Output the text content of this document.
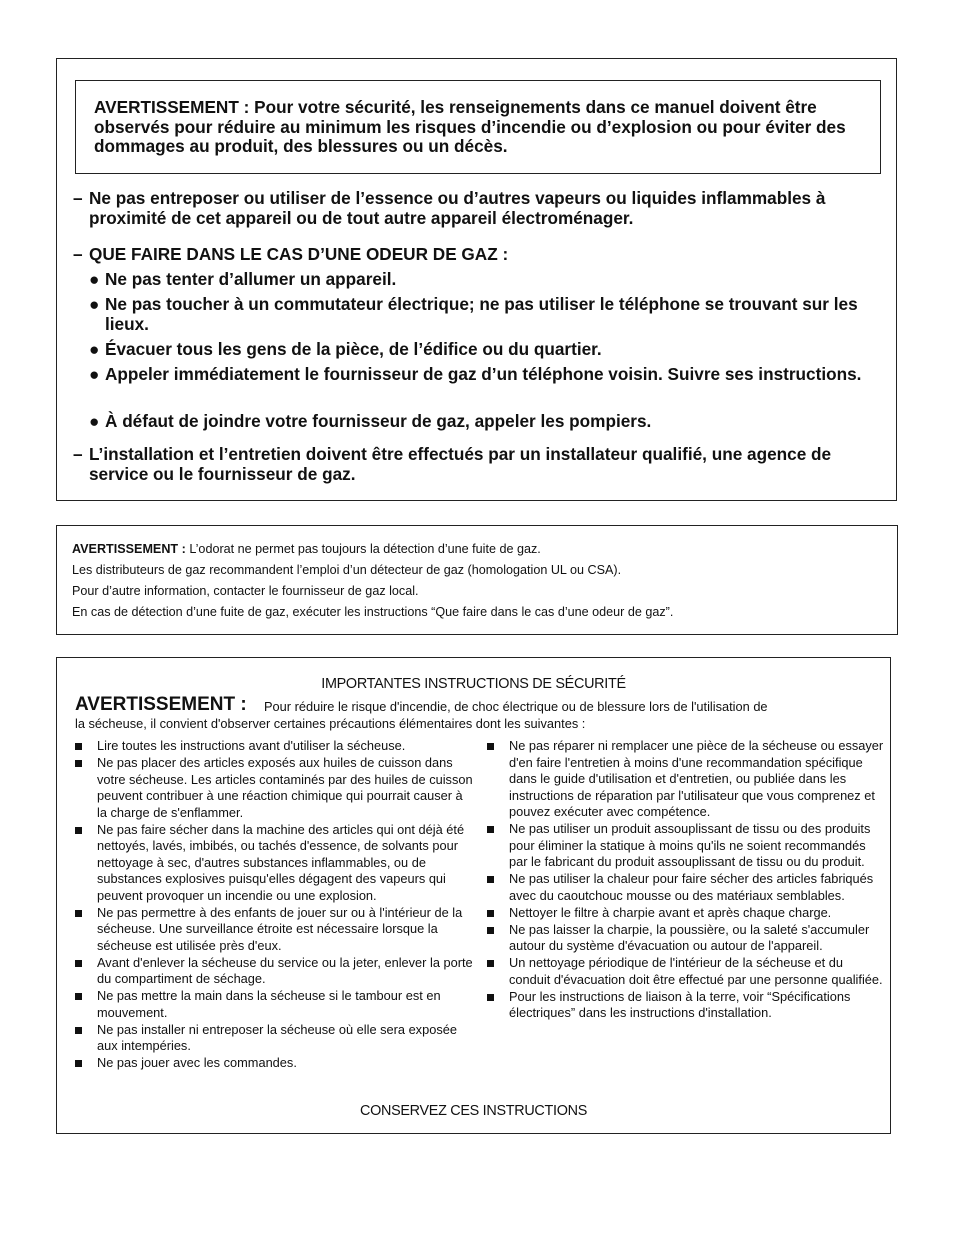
AVERTISSEMENT : Pour votre sécurité, les renseignements dans ce manuel doivent être observés pour réduire au minimum les risques d’incendie ou d’explosion ou pour éviter des dommages au produit, des blessures ou un décès.
– Ne pas entreposer ou utiliser de l’essence ou d’autres vapeurs ou liquides inflammables à proximité de cet appareil ou de tout autre appareil électroménager.
– QUE FAIRE DANS LE CAS D’UNE ODEUR DE GAZ :
● Ne pas tenter d’allumer un appareil.
● Ne pas toucher à un commutateur électrique; ne pas utiliser le téléphone se trouvant sur les lieux.
● Évacuer tous les gens de la pièce, de l’édifice ou du quartier.
● Appeler immédiatement le fournisseur de gaz d’un téléphone voisin. Suivre ses instructions.
● À défaut de joindre votre fournisseur de gaz, appeler les pompiers.
– L’installation et l’entretien doivent être effectués par un installateur qualifié, une agence de service ou le fournisseur de gaz.
AVERTISSEMENT : L’odorat ne permet pas toujours la détection d’une fuite de gaz.
Les distributeurs de gaz recommandent l’emploi d’un détecteur de gaz (homologation UL ou CSA).
Pour d’autre information, contacter le fournisseur de gaz local.
En cas de détection d’une fuite de gaz, exécuter les instructions “Que faire dans le cas d’une odeur de gaz”.
IMPORTANTES INSTRUCTIONS DE SÉCURITÉ
AVERTISSEMENT : Pour réduire le risque d'incendie, de choc électrique ou de blessure lors de l'utilisation de
la sécheuse, il convient d'observer certaines précautions élémentaires dont les suivantes :
Lire toutes les instructions avant d'utiliser la sécheuse.
Ne pas placer des articles exposés aux huiles de cuisson dans votre sécheuse. Les articles contaminés par des huiles de cuisson peuvent contribuer à une réaction chimique qui pourrait causer à la charge de s'enflammer.
Ne pas faire sécher dans la machine des articles qui ont déjà été nettoyés, lavés, imbibés, ou tachés d'essence, de solvants pour nettoyage à sec, d'autres substances inflammables, ou de substances explosives puisqu'elles dégagent des vapeurs qui peuvent provoquer un incendie ou une explosion.
Ne pas permettre à des enfants de jouer sur ou à l'intérieur de la sécheuse. Une surveillance étroite est nécessaire lorsque la sécheuse est utilisée près d'eux.
Avant d'enlever la sécheuse du service ou la jeter, enlever la porte du compartiment de séchage.
Ne pas mettre la main dans la sécheuse si le tambour est en mouvement.
Ne pas installer ni entreposer la sécheuse où elle sera exposée aux intempéries.
Ne pas jouer avec les commandes.
Ne pas réparer ni remplacer une pièce de la sécheuse ou essayer d'en faire l'entretien à moins d'une recommandation spécifique dans le guide d'utilisation et d'entretien, ou publiée dans les instructions de réparation par l'utilisateur que vous comprenez et pouvez exécuter avec compétence.
Ne pas utiliser un produit assouplissant de tissu ou des produits pour éliminer la statique à moins qu'ils ne soient recommandés par le fabricant du produit assouplissant de tissu ou du produit.
Ne pas utiliser la chaleur pour faire sécher des articles fabriqués avec du caoutchouc mousse ou des matériaux semblables.
Nettoyer le filtre à charpie avant et après chaque charge.
Ne pas laisser la charpie, la poussière, ou la saleté s'accumuler autour du système d'évacuation ou autour de l'appareil.
Un nettoyage périodique de l'intérieur de la sécheuse et du conduit d'évacuation doit être effectué par une personne qualifiée.
Pour les instructions de liaison à la terre, voir “Spécifications électriques” dans les instructions d'installation.
CONSERVEZ CES INSTRUCTIONS
